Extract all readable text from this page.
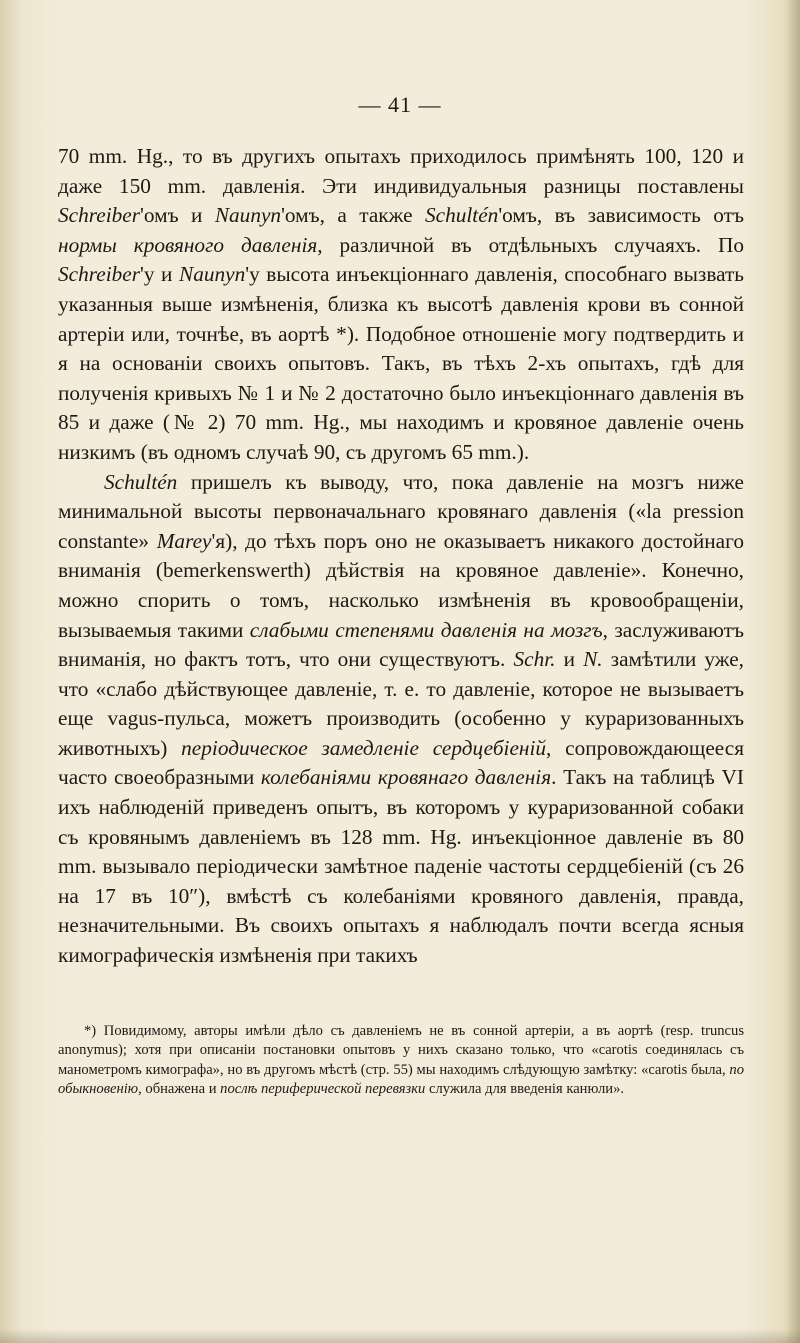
— 41 —

70 mm. Hg., то въ другихъ опытахъ приходилось примѣнять 100, 120 и даже 150 mm. давленія. Эти индивидуальныя разницы поставлены Schreiber'омъ и Naunyn'омъ, а также Schultén'омъ, въ зависимость отъ нормы кровяного давленія, различной въ отдѣльныхъ случаяхъ. По Schreiber'у и Naunyn'у высота инъекціоннаго давленія, способнаго вызвать указанныя выше измѣненія, близка къ высотѣ давленія крови въ сонной артеріи или, точнѣе, въ аортѣ *). Подобное отношеніе могу подтвердить и я на основаніи своихъ опытовъ. Такъ, въ тѣхъ 2-хъ опытахъ, гдѣ для полученія кривыхъ № 1 и № 2 достаточно было инъекціоннаго давленія въ 85 и даже (№ 2) 70 mm. Hg., мы находимъ и кровяное давленіе очень низкимъ (въ одномъ случаѣ 90, съ другомъ 65 mm.).

Schultén пришелъ къ выводу, что, пока давленіе на мозгъ ниже минимальной высоты первоначальнаго кровянаго давленія («la pression constante» Marey'я), до тѣхъ поръ оно не оказываетъ никакого достойнаго вниманія (bemerkenswerth) дѣйствія на кровяное давленіе». Конечно, можно спорить о томъ, насколько измѣненія въ кровообращеніи, вызываемыя такими слабыми степенями давленія на мозгъ, заслуживаютъ вниманія, но фактъ тотъ, что они существуютъ. Schr. и N. замѣтили уже, что «слабо дѣйствующее давленіе, т. е. то давленіе, которое не вызываетъ еще vagus-пульса, можетъ производить (особенно у кураризованныхъ животныхъ) періодическое замедленіе сердцебіеній, сопровождающееся часто своеобразными колебаніями кровянаго давленія. Такъ на таблицѣ VI ихъ наблюденій приведенъ опытъ, въ которомъ у кураризованной собаки съ кровянымъ давленіемъ въ 128 mm. Hg. инъекціонное давленіе въ 80 mm. вызывало періодически замѣтное паденіе частоты сердцебіеній (съ 26 на 17 въ 10″), вмѣстѣ съ колебаніями кровяного давленія, правда, незначительными. Въ своихъ опытахъ я наблюдалъ почти всегда ясныя кимографическія измѣненія при такихъ

*) Повидимому, авторы имѣли дѣло съ давленіемъ не въ сонной артеріи, а въ аортѣ (resp. truncus anonymus); хотя при описаніи постановки опытовъ у нихъ сказано только, что «carotis соединялась съ манометромъ кимографа», но въ другомъ мѣстѣ (стр. 55) мы находимъ слѣдующую замѣтку: «carotis была, по обыкновенію, обнажена и послѣ периферической перевязки служила для введенія канюли».
